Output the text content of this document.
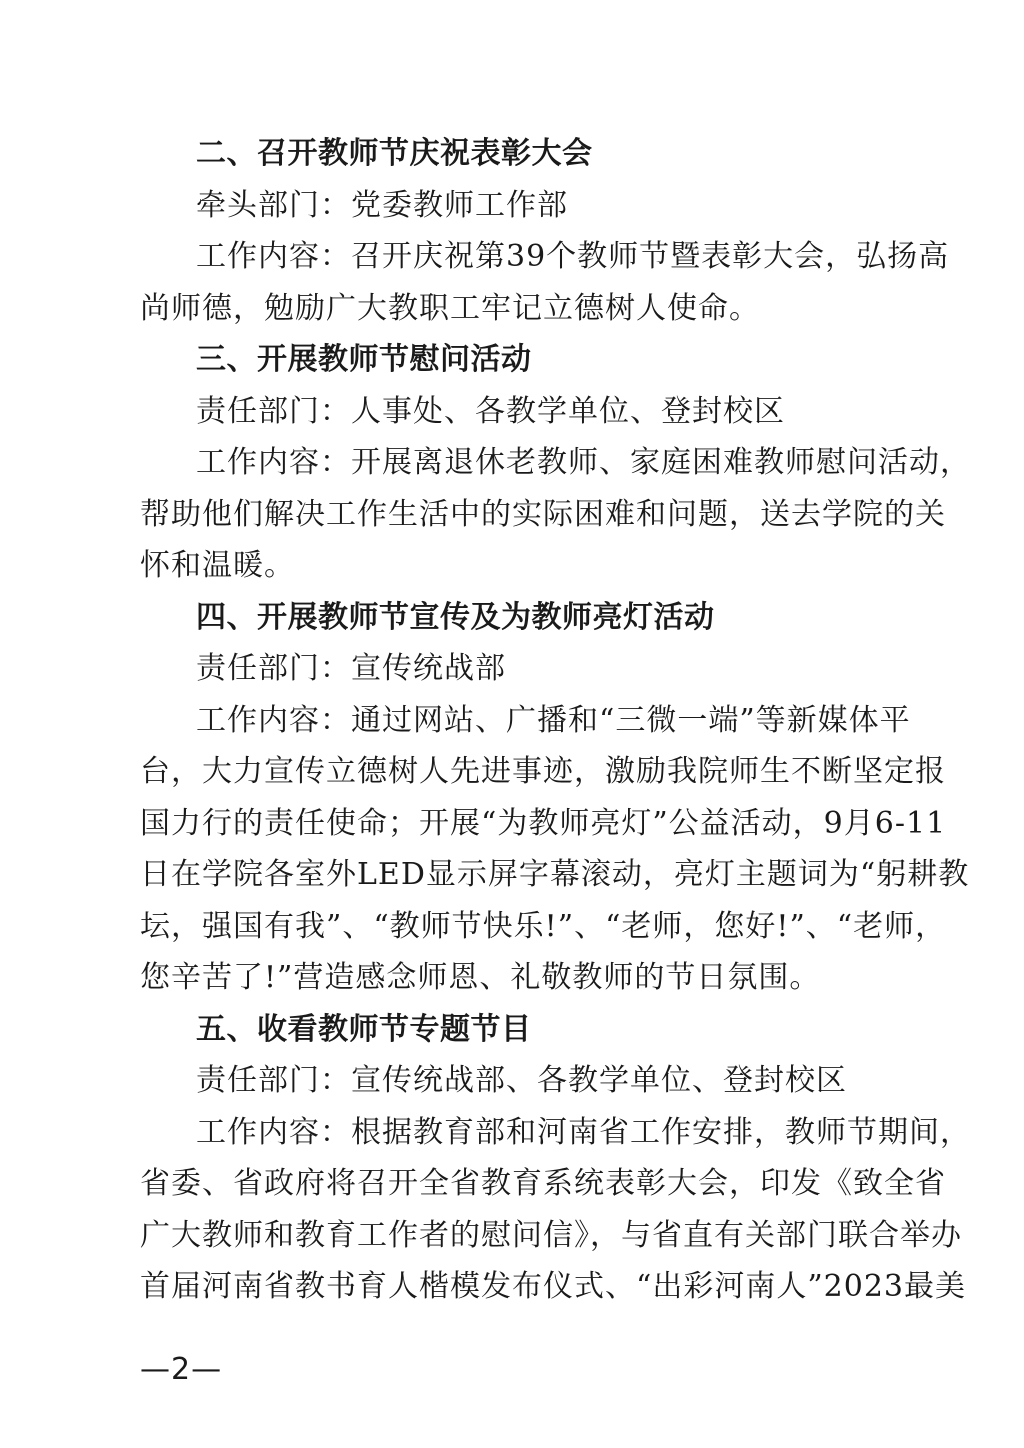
二、召开教师节庆祝表彰大会

牵头部门：党委教师工作部

工作内容：召开庆祝第39个教师节暨表彰大会，弘扬高

尚师德，勉励广大教职工牢记立德树人使命。

三、开展教师节慰问活动

责任部门：人事处、各教学单位、登封校区

工作内容：开展离退休老教师、家庭困难教师慰问活动，

帮助他们解决工作生活中的实际困难和问题，送去学院的关

怀和温暖。

四、开展教师节宣传及为教师亮灯活动

责任部门：宣传统战部

工作内容：通过网站、广播和“三微一端”等新媒体平

台，大力宣传立德树人先进事迹，激励我院师生不断坚定报

国力行的责任使命；开展“为教师亮灯”公益活动，9月6-11

日在学院各室外LED显示屏字幕滚动，亮灯主题词为“躬耕教

坛，强国有我”、“教师节快乐!”、“老师，您好!”、“老师，

您辛苦了!”营造感念师恩、礼敬教师的节日氛围。

五、收看教师节专题节目

责任部门：宣传统战部、各教学单位、登封校区

工作内容：根据教育部和河南省工作安排，教师节期间，

省委、省政府将召开全省教育系统表彰大会，印发《致全省

广大教师和教育工作者的慰问信》，与省直有关部门联合举办

首届河南省教书育人楷模发布仪式、“出彩河南人”2023最美

—2—
